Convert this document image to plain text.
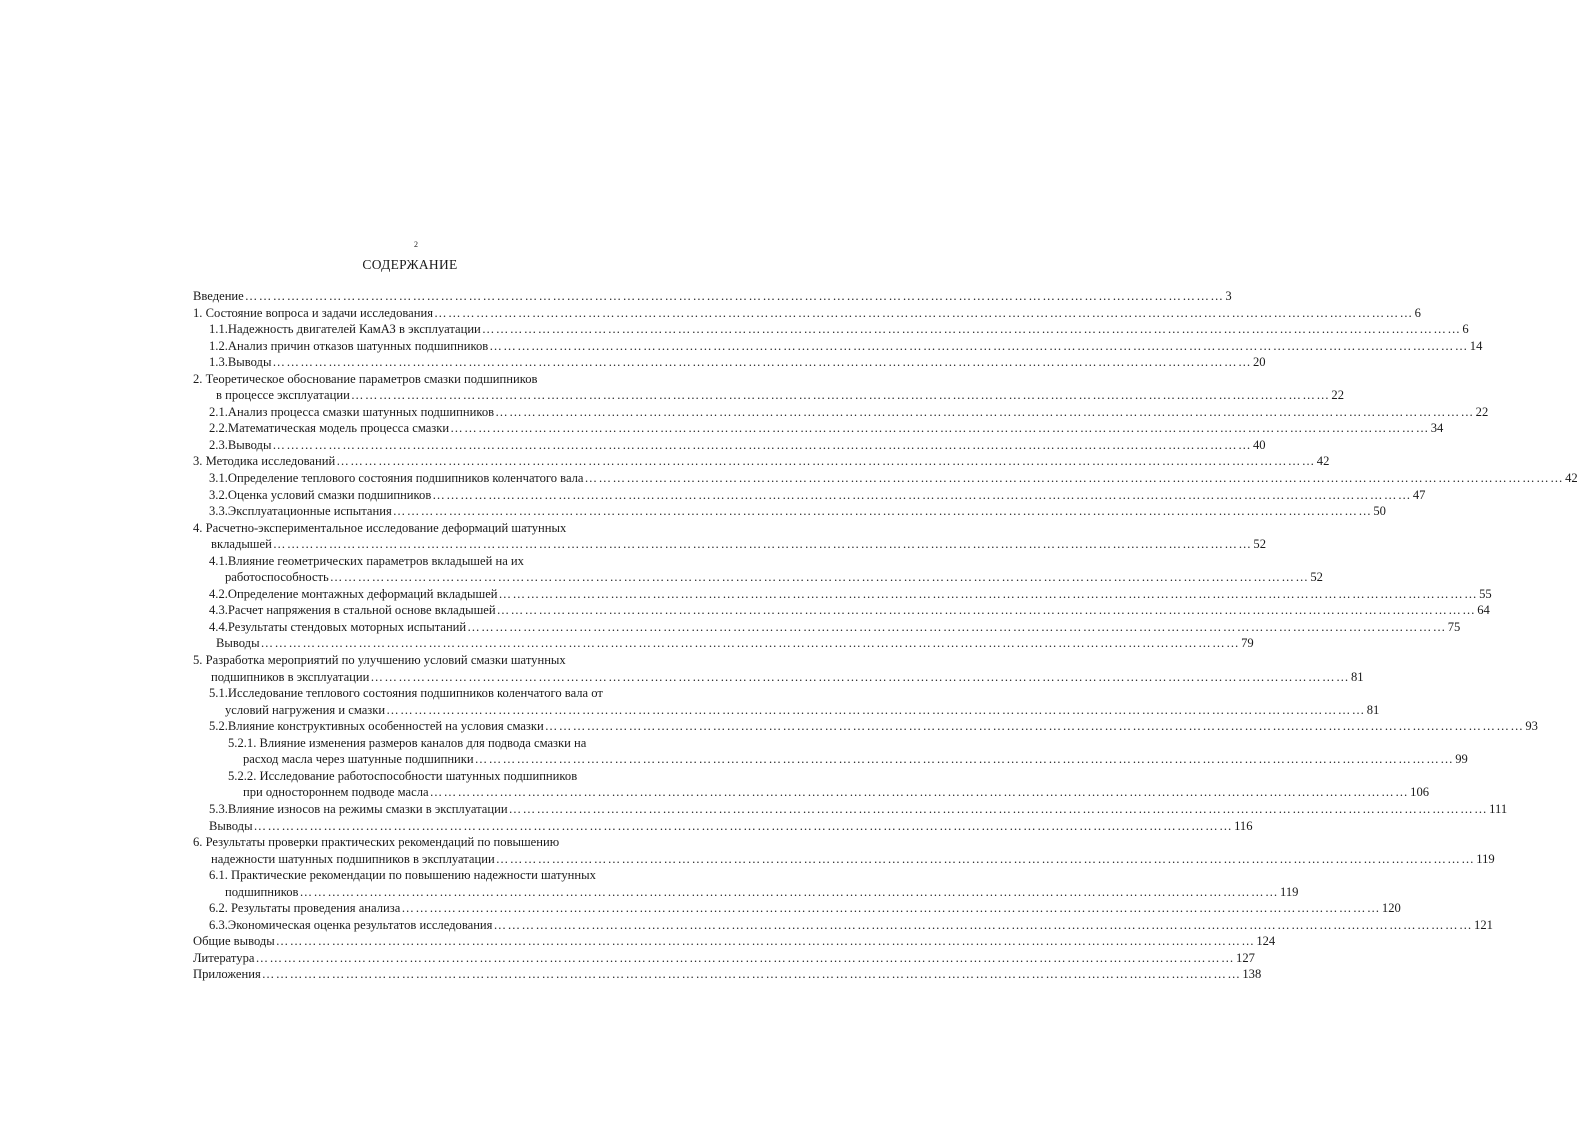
2
СОДЕРЖАНИЕ
Введение ………………………………………………………………………………………………………………………………………………………………………………………… 3
1. Состояние вопроса и задачи исследования ………………………………………………………………………………………………………………………………………………………………………………………… 6
1.1.Надежность двигателей КамАЗ в эксплуатации ………………………………………………………………………………………………………………………………………………………………………………………… 6
1.2.Анализ причин отказов шатунных подшипников ………………………………………………………………………………………………………………………………………………………………………………………… 14
1.3.Выводы ………………………………………………………………………………………………………………………………………………………………………………………… 20
2. Теоретическое обоснование параметров смазки подшипников
в процессе эксплуатации ………………………………………………………………………………………………………………………………………………………………………………………… 22
2.1.Анализ процесса смазки шатунных подшипников ………………………………………………………………………………………………………………………………………………………………………………………… 22
2.2.Математическая модель процесса смазки ………………………………………………………………………………………………………………………………………………………………………………………… 34
2.3.Выводы ………………………………………………………………………………………………………………………………………………………………………………………… 40
3. Методика исследований ………………………………………………………………………………………………………………………………………………………………………………………… 42
3.1.Определение теплового состояния подшипников коленчатого вала ………………………………………………………………………………………………………………………………………………………………………………………… 42
3.2.Оценка условий смазки подшипников ………………………………………………………………………………………………………………………………………………………………………………………… 47
3.3.Эксплуатационные испытания ………………………………………………………………………………………………………………………………………………………………………………………… 50
4. Расчетно-экспериментальное исследование деформаций шатунных
вкладышей ………………………………………………………………………………………………………………………………………………………………………………………… 52
4.1.Влияние геометрических параметров вкладышей на их
работоспособность ………………………………………………………………………………………………………………………………………………………………………………………… 52
4.2.Определение монтажных деформаций вкладышей ………………………………………………………………………………………………………………………………………………………………………………………… 55
4.3.Расчет напряжения в стальной основе вкладышей ………………………………………………………………………………………………………………………………………………………………………………………… 64
4.4.Результаты стендовых моторных испытаний ………………………………………………………………………………………………………………………………………………………………………………………… 75
Выводы ………………………………………………………………………………………………………………………………………………………………………………………… 79
5. Разработка мероприятий по улучшению условий смазки шатунных
подшипников в эксплуатации ………………………………………………………………………………………………………………………………………………………………………………………… 81
5.1.Исследование теплового состояния подшипников коленчатого вала от
условий нагружения и смазки ………………………………………………………………………………………………………………………………………………………………………………………… 81
5.2.Влияние конструктивных особенностей на условия смазки ………………………………………………………………………………………………………………………………………………………………………………………… 93
5.2.1. Влияние изменения размеров каналов для подвода смазки на
расход масла через шатунные подшипники ………………………………………………………………………………………………………………………………………………………………………………………… 99
5.2.2. Исследование работоспособности шатунных подшипников
при одностороннем подводе масла ………………………………………………………………………………………………………………………………………………………………………………………… 106
5.3.Влияние износов на режимы смазки в эксплуатации ………………………………………………………………………………………………………………………………………………………………………………………… 111
Выводы ………………………………………………………………………………………………………………………………………………………………………………………… 116
6. Результаты проверки практических рекомендаций по повышению
надежности шатунных подшипников в эксплуатации ………………………………………………………………………………………………………………………………………………………………………………………… 119
6.1. Практические рекомендации по повышению надежности шатунных
подшипников ………………………………………………………………………………………………………………………………………………………………………………………… 119
6.2. Результаты проведения анализа ………………………………………………………………………………………………………………………………………………………………………………………… 120
6.3.Экономическая оценка результатов исследования ………………………………………………………………………………………………………………………………………………………………………………………… 121
Общие выводы ………………………………………………………………………………………………………………………………………………………………………………………… 124
Литература ………………………………………………………………………………………………………………………………………………………………………………………… 127
Приложения ………………………………………………………………………………………………………………………………………………………………………………………… 138
